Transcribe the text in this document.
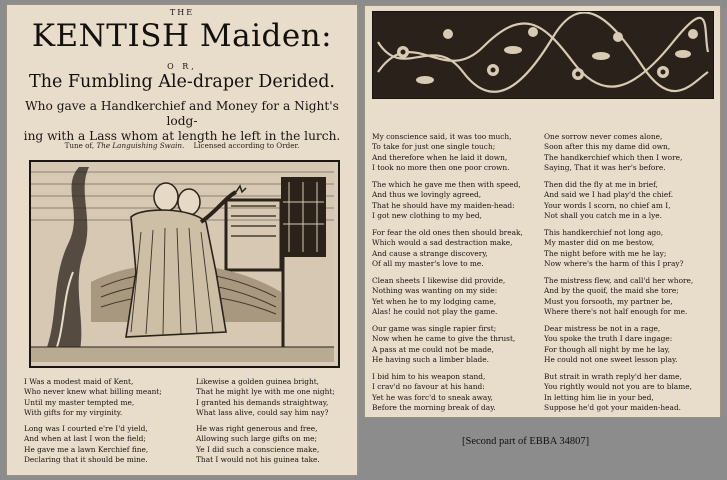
THE
KENTISH Maiden:
O R,
The Fumbling Ale-draper Derided.
Who gave a Handkerchief and Money for a Night's lodg-
ing with a Lass whom at length he left in the lurch.
Tune of, The Languishing Swain. Licensed according to Order.
I Was a modest maid of Kent,
Who never knew what billing meant;
Until my master tempted me,
With gifts for my virginity.
Long was I courted e're I'd yield,
And when at last I won the field;
He gave me a lawn Kerchief fine,
Declaring that it should be mine.
Likewise a golden guinea bright,
That he might lye with me one night;
I granted his demands straightway,
What lass alive, could say him nay?
He was right generous and free,
Allowing such large gifts on me;
Ye I did such a conscience make,
That I would not his guinea take.
My conscience said, it was too much,
To take for just one single touch;
And therefore when he laid it down,
I took no more then one poor crown.
The which he gave me then with speed,
And thus we lovingly agreed,
That he should have my maiden-head:
I got new clothing to my bed,
For fear the old ones then should break,
Which would a sad destraction make,
And cause a strange discovery,
Of all my master's love to me.
Clean sheets I likewise did provide,
Nothing was wanting on my side:
Yet when he to my lodging came,
Alas! he could not play the game.
Our game was single rapier first;
Now when he came to give the thrust,
A pass at me could not be made,
He having such a limber blade.
I bid him to his weapon stand,
I crav'd no favour at his hand:
Yet he was forc'd to sneak away,
Before the morning break of day.
One sorrow never comes alone,
Soon after this my dame did own,
The handkerchief which then I wore,
Saying, That it was her's before.
Then did the fly at me in brief,
And said we I had play'd the chief.
Your words I scorn, no chief am I,
Not shall you catch me in a lye.
This handkerchief not long ago,
My master did on me bestow,
The night before with me he lay;
Now where's the harm of this I pray?
The mistress flew, and call'd her whore,
And by the quoif, the maid she tore;
Must you forsooth, my partner be,
Where there's not half enough for me.
Dear mistress be not in a rage,
You spoke the truth I dare ingage:
For though all night by me he lay,
He could not one sweet lesson play.
But strait in wrath reply'd her dame,
You rightly would not you are to blame,
In letting him lie in your bed,
Suppose he'd got your maiden-head.
[Second part of EBBA 34807]
